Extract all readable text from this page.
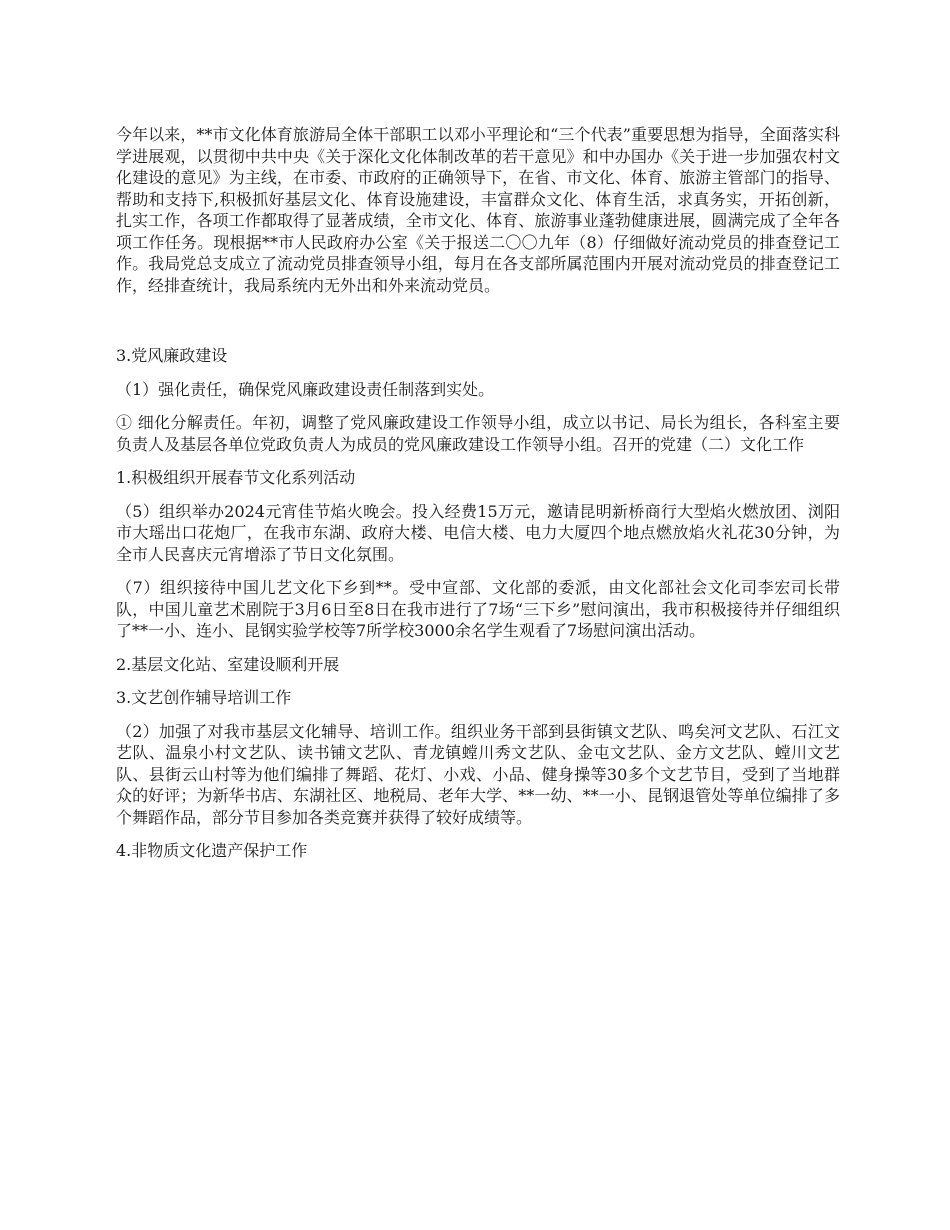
今年以来，**市文化体育旅游局全体干部职工以邓小平理论和“三个代表”重要思想为指导，全面落实科学进展观，以贯彻中共中央《关于深化文化体制改革的若干意见》和中办国办《关于进一步加强农村文化建设的意见》为主线，在市委、市政府的正确领导下，在省、市文化、体育、旅游主管部门的指导、帮助和支持下,积极抓好基层文化、体育设施建设，丰富群众文化、体育生活，求真务实，开拓创新，扎实工作，各项工作都取得了显著成绩，全市文化、体育、旅游事业蓬勃健康进展，圆满完成了全年各项工作任务。现根据**市人民政府办公室《关于报送二〇〇九年（8）仔细做好流动党员的排查登记工作。我局党总支成立了流动党员排查领导小组，每月在各支部所属范围内开展对流动党员的排查登记工作，经排查统计，我局系统内无外出和外来流动党员。

3.党风廉政建设

（1）强化责任，确保党风廉政建设责任制落到实处。

① 细化分解责任。年初，调整了党风廉政建设工作领导小组，成立以书记、局长为组长，各科室主要负责人及基层各单位党政负责人为成员的党风廉政建设工作领导小组。召开的党建（二）文化工作

1.积极组织开展春节文化系列活动

（5）组织举办2024元宵佳节焰火晚会。投入经费15万元，邀请昆明新桥商行大型焰火燃放团、浏阳市大瑶出口花炮厂，在我市东湖、政府大楼、电信大楼、电力大厦四个地点燃放焰火礼花30分钟，为全市人民喜庆元宵增添了节日文化氛围。

（7）组织接待中国儿艺文化下乡到**。受中宣部、文化部的委派，由文化部社会文化司李宏司长带队，中国儿童艺术剧院于3月6日至8日在我市进行了7场“三下乡”慰问演出，我市积极接待并仔细组织了**一小、连小、昆钢实验学校等7所学校3000余名学生观看了7场慰问演出活动。

2.基层文化站、室建设顺利开展

3.文艺创作辅导培训工作

（2）加强了对我市基层文化辅导、培训工作。组织业务干部到县街镇文艺队、鸣矣河文艺队、石江文艺队、温泉小村文艺队、读书铺文艺队、青龙镇螳川秀文艺队、金屯文艺队、金方文艺队、螳川文艺队、县街云山村等为他们编排了舞蹈、花灯、小戏、小品、健身操等30多个文艺节目，受到了当地群众的好评；为新华书店、东湖社区、地税局、老年大学、**一幼、**一小、昆钢退管处等单位编排了多个舞蹈作品，部分节目参加各类竞赛并获得了较好成绩等。

4.非物质文化遗产保护工作
